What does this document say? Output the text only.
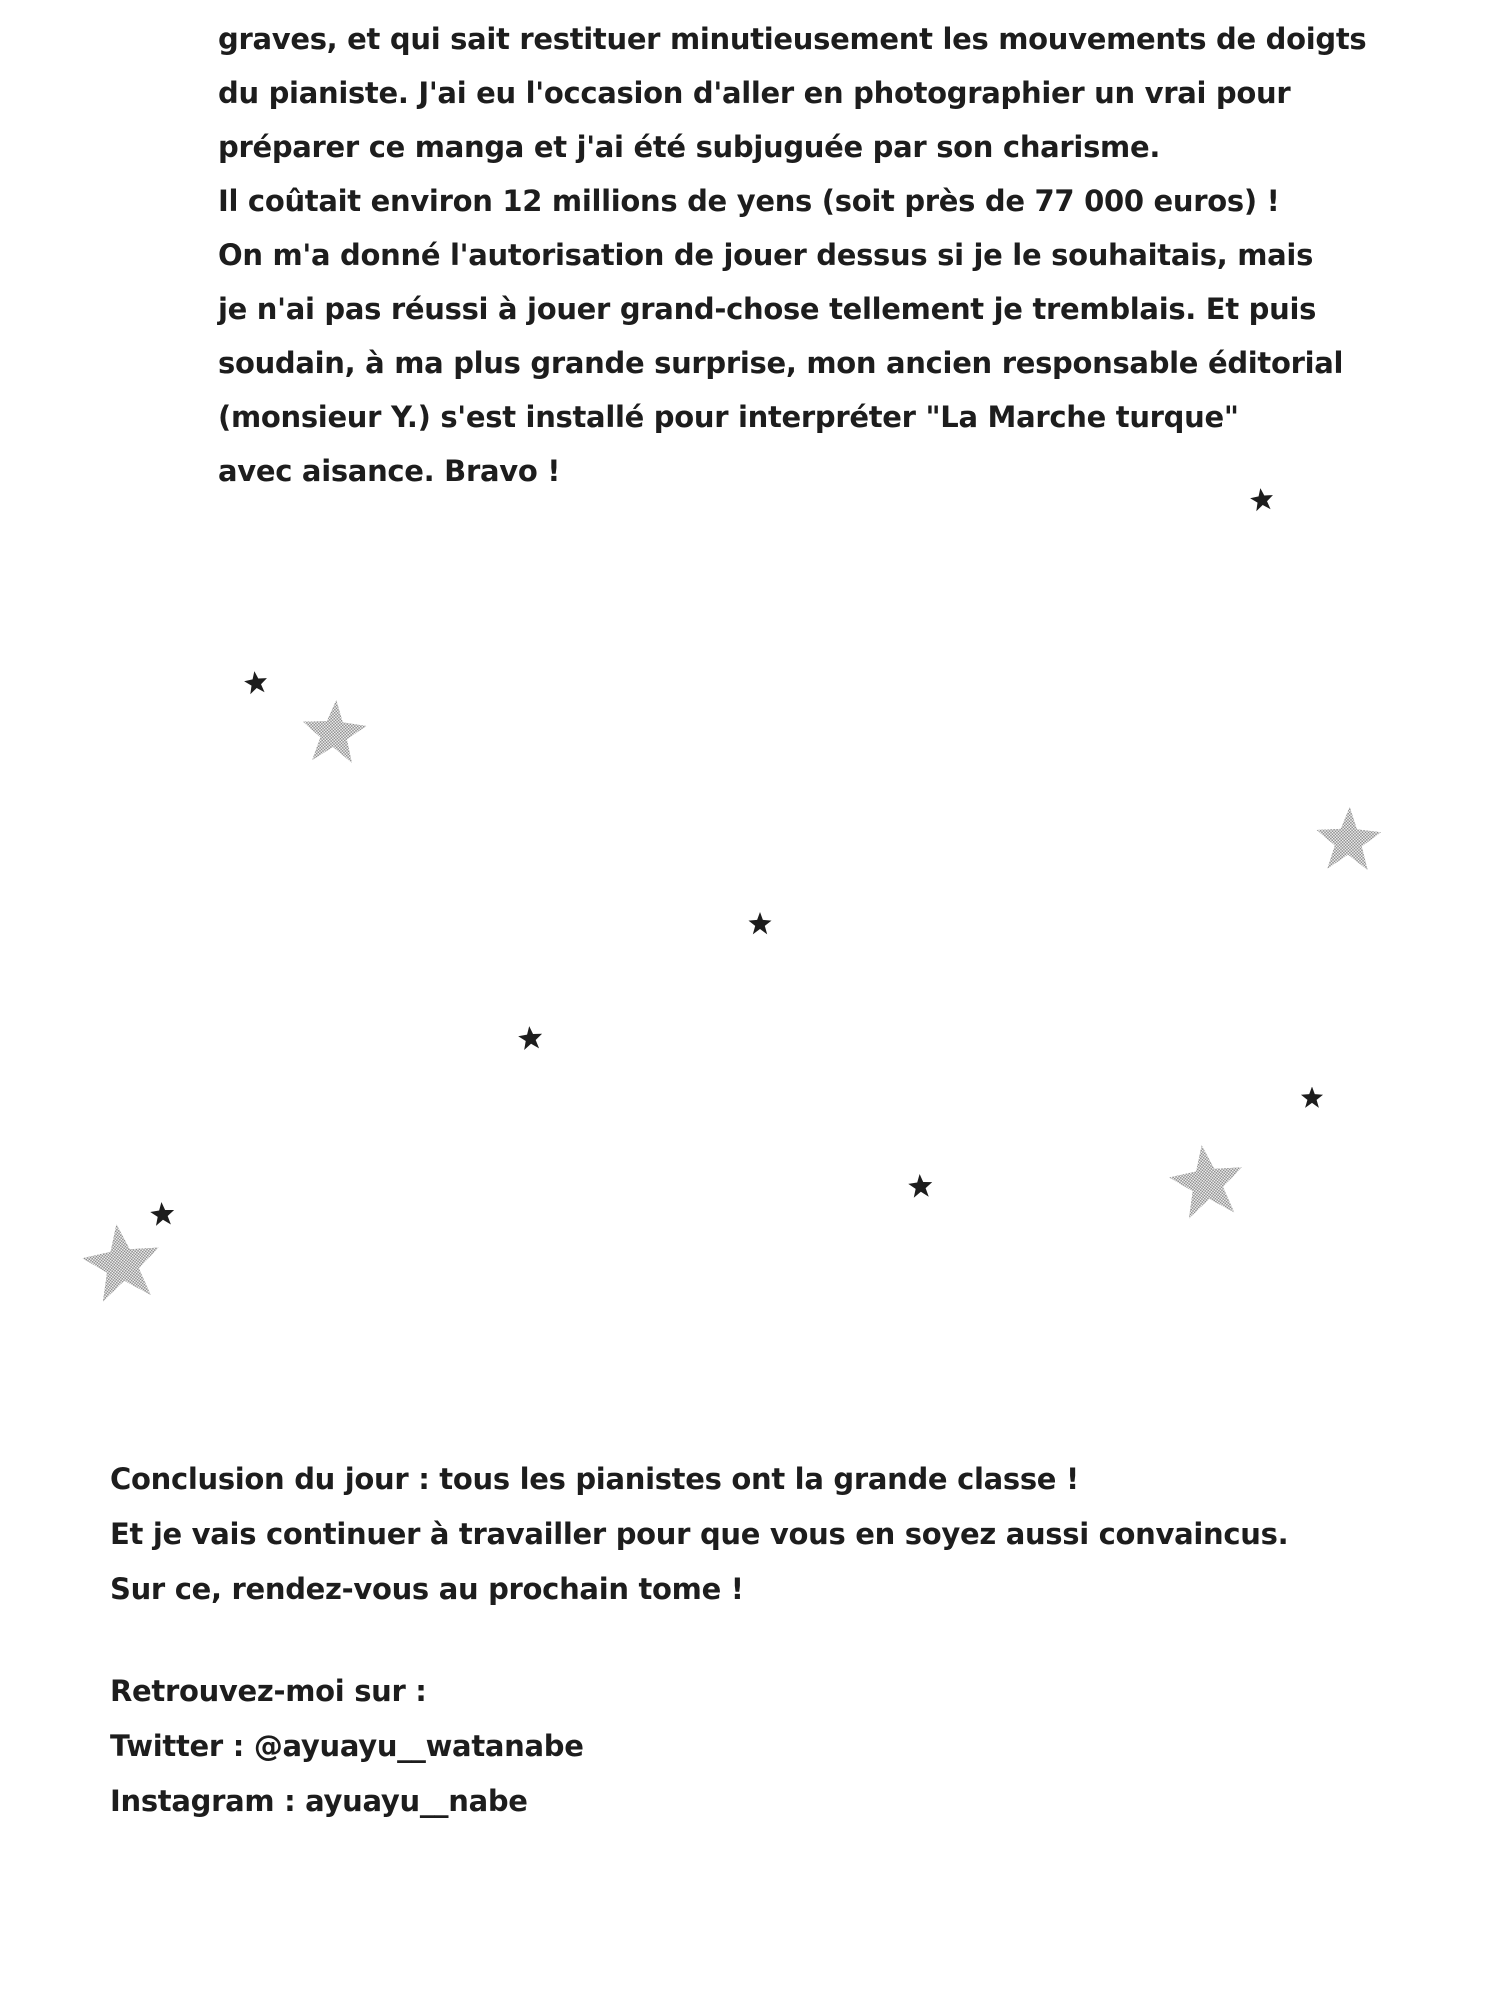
graves, et qui sait restituer minutieusement les mouvements de doigts
du pianiste. J'ai eu l'occasion d'aller en photographier un vrai pour
préparer ce manga et j'ai été subjuguée par son charisme.
Il coûtait environ 12 millions de yens (soit près de 77 000 euros) !
On m'a donné l'autorisation de jouer dessus si je le souhaitais, mais
je n'ai pas réussi à jouer grand-chose tellement je tremblais. Et puis
soudain, à ma plus grande surprise, mon ancien responsable éditorial
(monsieur Y.) s'est installé pour interpréter "La Marche turque"
avec aisance. Bravo !
Conclusion du jour : tous les pianistes ont la grande classe !
Et je vais continuer à travailler pour que vous en soyez aussi convaincus.
Sur ce, rendez-vous au prochain tome !
Retrouvez-moi sur :
Twitter : @ayuayu__watanabe
Instagram : ayuayu__nabe
